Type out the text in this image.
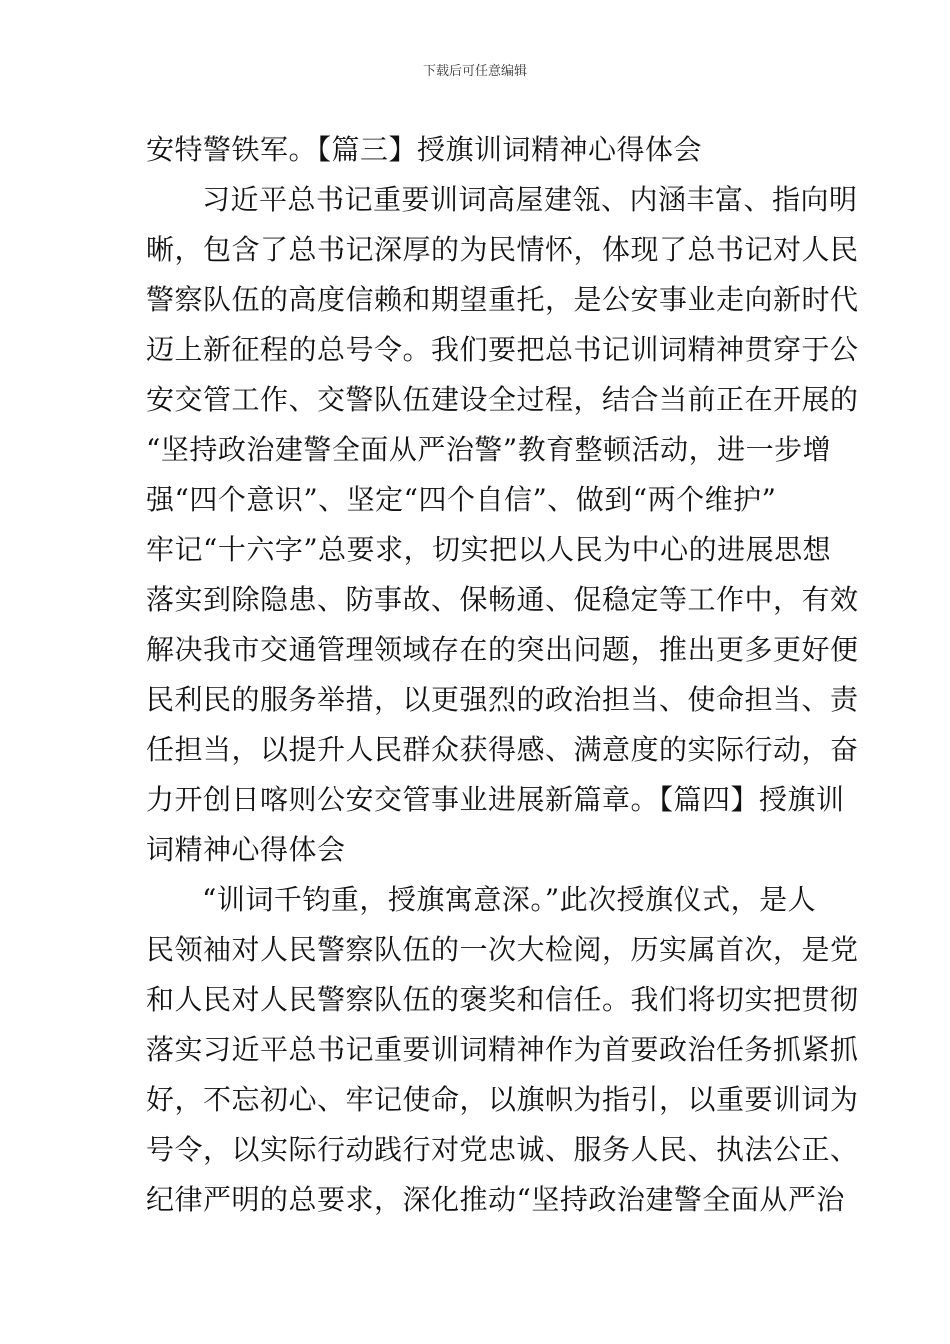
下载后可任意编辑
安特警铁军。【篇三】授旗训词精神心得体会
习近平总书记重要训词高屋建瓴、内涵丰富、指向明
晰，包含了总书记深厚的为民情怀，体现了总书记对人民
警察队伍的高度信赖和期望重托，是公安事业走向新时代
迈上新征程的总号令。我们要把总书记训词精神贯穿于公
安交管工作、交警队伍建设全过程，结合当前正在开展的
“坚持政治建警全面从严治警”教育整顿活动，进一步增
强“四个意识”、坚定“四个自信”、做到“两个维护”
牢记“十六字”总要求，切实把以人民为中心的进展思想
落实到除隐患、防事故、保畅通、促稳定等工作中，有效
解决我市交通管理领域存在的突出问题，推出更多更好便
民利民的服务举措，以更强烈的政治担当、使命担当、责
任担当，以提升人民群众获得感、满意度的实际行动，奋
力开创日喀则公安交管事业进展新篇章。【篇四】授旗训
词精神心得体会
“训词千钧重，授旗寓意深。”此次授旗仪式，是人
民领袖对人民警察队伍的一次大检阅，历实属首次，是党
和人民对人民警察队伍的褒奖和信任。我们将切实把贯彻
落实习近平总书记重要训词精神作为首要政治任务抓紧抓
好，不忘初心、牢记使命，以旗帜为指引，以重要训词为
号令，以实际行动践行对党忠诚、服务人民、执法公正、
纪律严明的总要求，深化推动“坚持政治建警全面从严治
